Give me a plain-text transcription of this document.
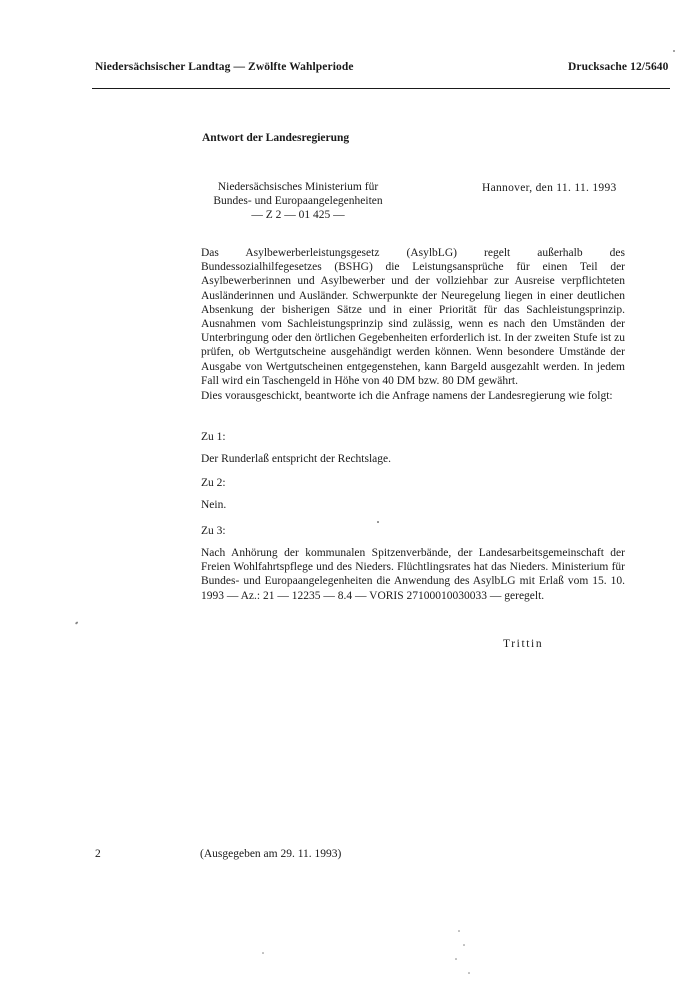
Niedersächsischer Landtag — Zwölfte Wahlperiode	Drucksache 12/5640
Antwort der Landesregierung
Niedersächsisches Ministerium für
Bundes- und Europaangelegenheiten
— Z 2 — 01 425 —
Hannover, den 11. 11. 1993
Das Asylbewerberleistungsgesetz (AsylbLG) regelt außerhalb des Bundessozialhilfegesetzes (BSHG) die Leistungsansprüche für einen Teil der Asylbewerberinnen und Asylbewerber und der vollziehbar zur Ausreise verpflichteten Ausländerinnen und Ausländer. Schwerpunkte der Neuregelung liegen in einer deutlichen Absenkung der bisherigen Sätze und in einer Priorität für das Sachleistungsprinzip. Ausnahmen vom Sachleistungsprinzip sind zulässig, wenn es nach den Umständen der Unterbringung oder den örtlichen Gegebenheiten erforderlich ist. In der zweiten Stufe ist zu prüfen, ob Wertgutscheine ausgehändigt werden können. Wenn besondere Umstände der Ausgabe von Wertgutscheinen entgegenstehen, kann Bargeld ausgezahlt werden. In jedem Fall wird ein Taschengeld in Höhe von 40 DM bzw. 80 DM gewährt.
Dies vorausgeschickt, beantworte ich die Anfrage namens der Landesregierung wie folgt:
Zu 1:
Der Runderlaß entspricht der Rechtslage.
Zu 2:
Nein.
Zu 3:
Nach Anhörung der kommunalen Spitzenverbände, der Landesarbeitsgemeinschaft der Freien Wohlfahrtspflege und des Nieders. Flüchtlingsrates hat das Nieders. Ministerium für Bundes- und Europaangelegenheiten die Anwendung des AsylbLG mit Erlaß vom 15. 10. 1993 — Az.: 21 — 12235 — 8.4 — VORIS 27100010030033 — geregelt.
Trittin
2	(Ausgegeben am 29. 11. 1993)
